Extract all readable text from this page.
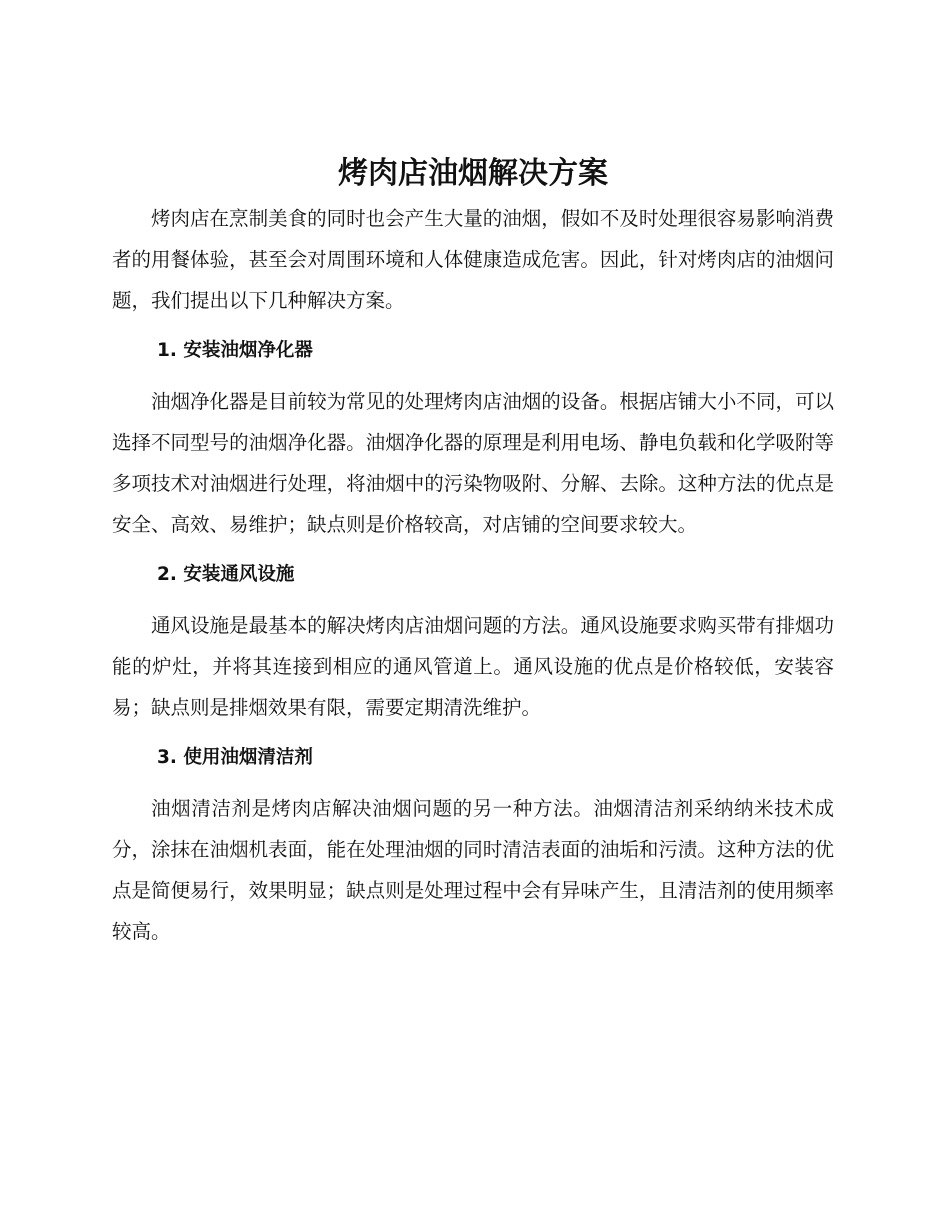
烤肉店油烟解决方案

烤肉店在烹制美食的同时也会产生大量的油烟，假如不及时处理很容易影响消费者的用餐体验，甚至会对周围环境和人体健康造成危害。因此，针对烤肉店的油烟问题，我们提出以下几种解决方案。

1. 安装油烟净化器

油烟净化器是目前较为常见的处理烤肉店油烟的设备。根据店铺大小不同，可以选择不同型号的油烟净化器。油烟净化器的原理是利用电场、静电负载和化学吸附等多项技术对油烟进行处理，将油烟中的污染物吸附、分解、去除。这种方法的优点是安全、高效、易维护；缺点则是价格较高，对店铺的空间要求较大。

2. 安装通风设施

通风设施是最基本的解决烤肉店油烟问题的方法。通风设施要求购买带有排烟功能的炉灶，并将其连接到相应的通风管道上。通风设施的优点是价格较低，安装容易；缺点则是排烟效果有限，需要定期清洗维护。

3. 使用油烟清洁剂

油烟清洁剂是烤肉店解决油烟问题的另一种方法。油烟清洁剂采纳纳米技术成分，涂抹在油烟机表面，能在处理油烟的同时清洁表面的油垢和污渍。这种方法的优点是简便易行，效果明显；缺点则是处理过程中会有异味产生，且清洁剂的使用频率较高。
